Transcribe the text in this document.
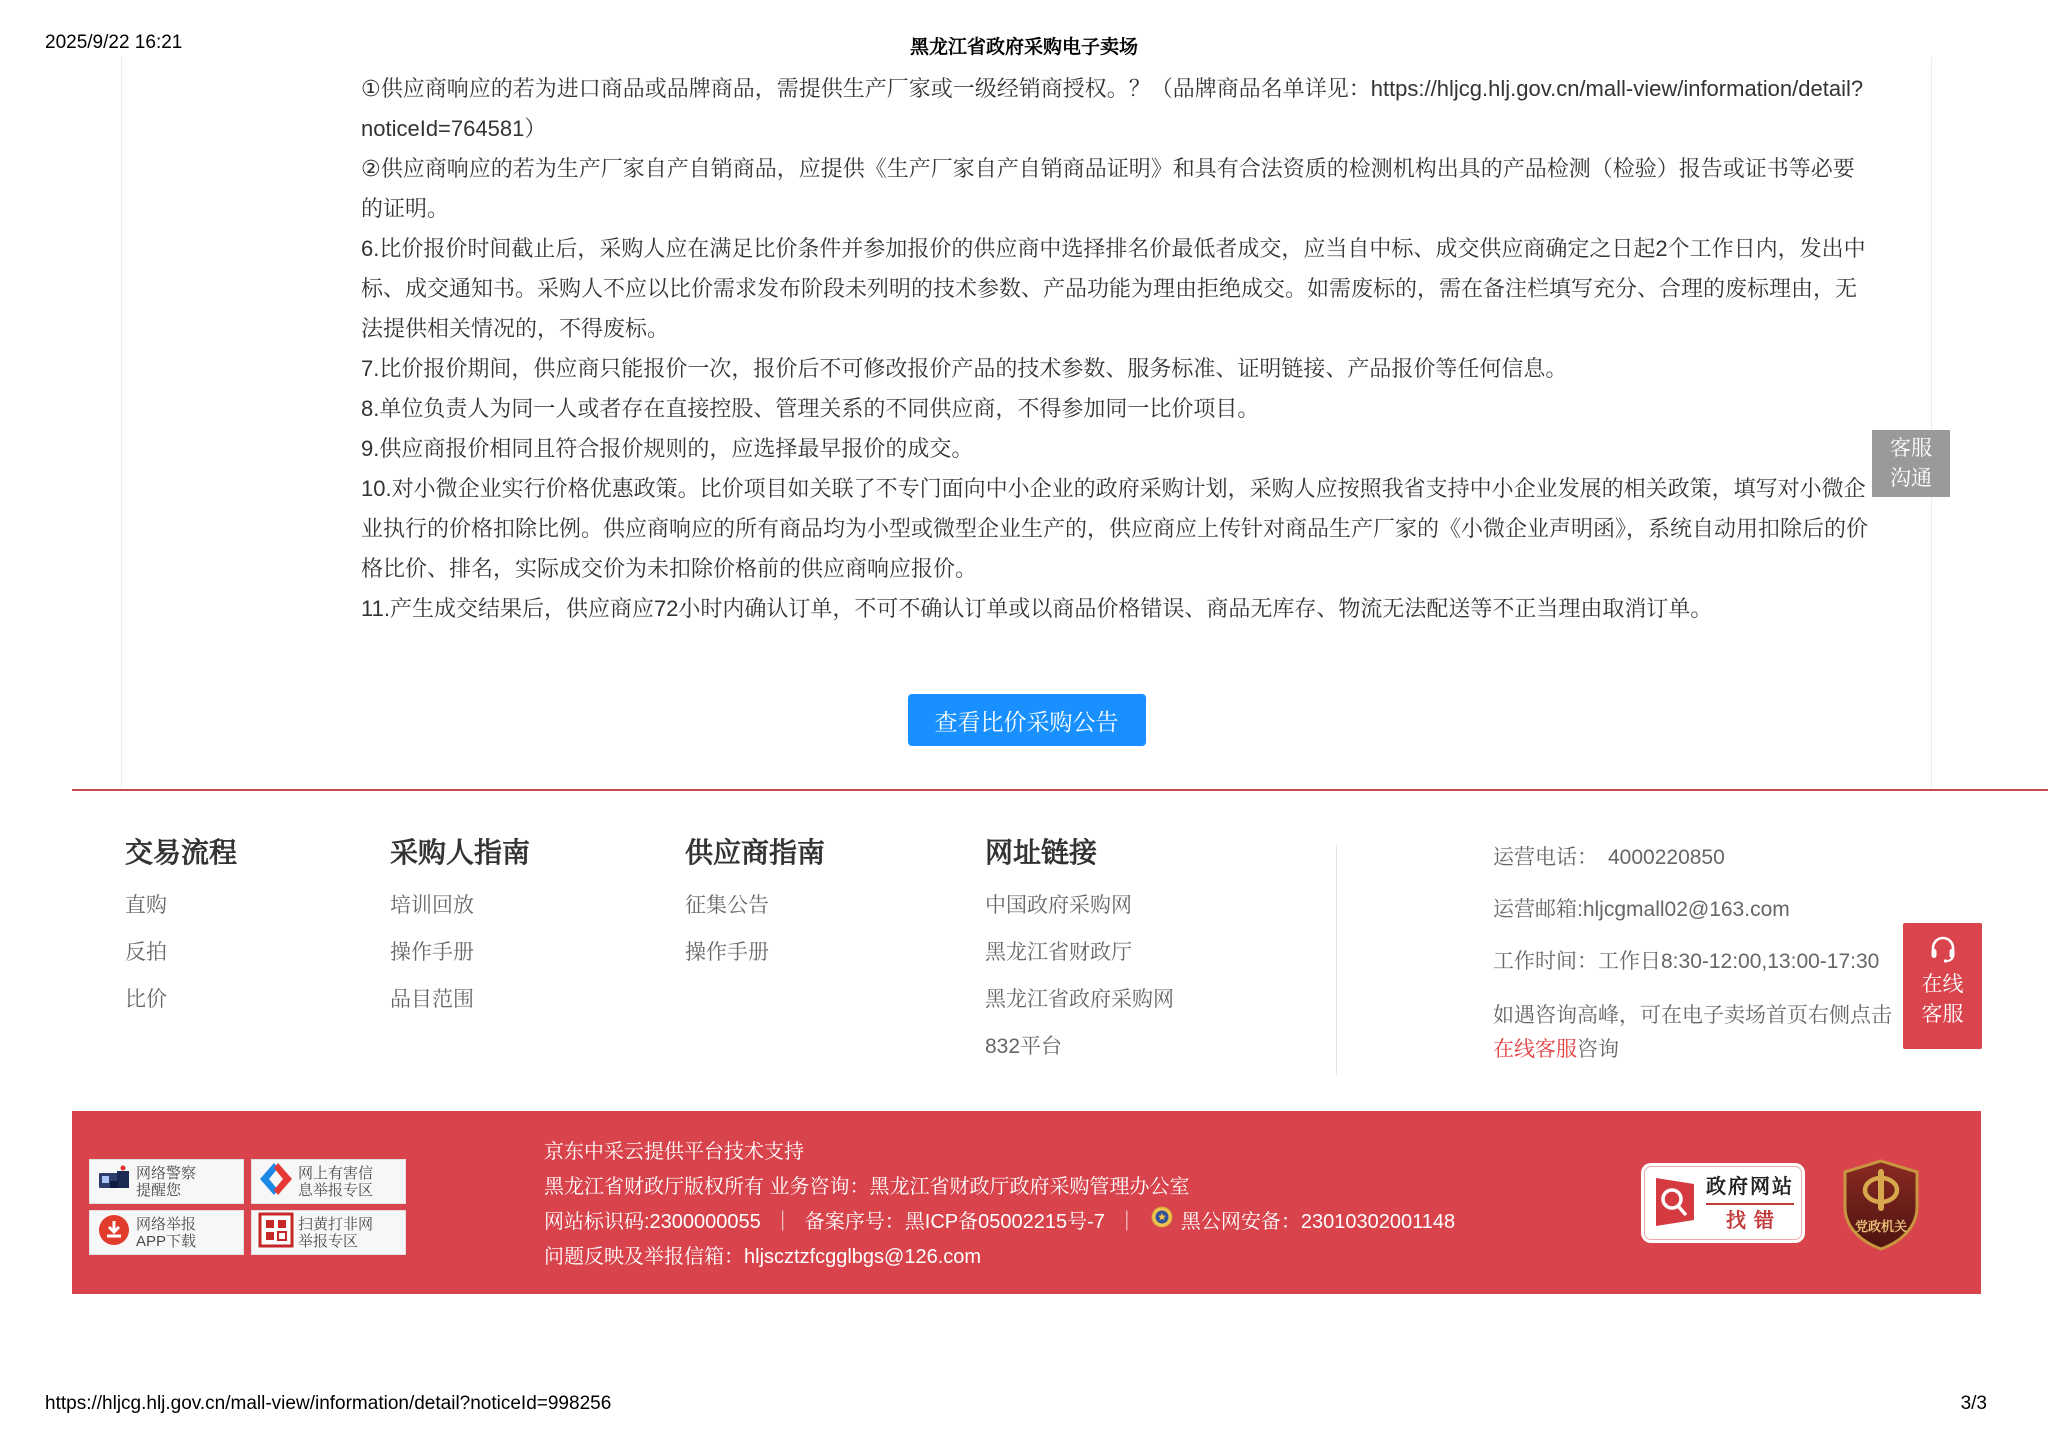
2025/9/22 16:21	黑龙江省政府采购电子卖场

①供应商响应的若为进口商品或品牌商品，需提供生产厂家或一级经销商授权。？（品牌商品名单详见：https://hljcg.hlj.gov.cn/mall-view/information/detail?noticeId=764581）

②供应商响应的若为生产厂家自产自销商品，应提供《生产厂家自产自销商品证明》和具有合法资质的检测机构出具的产品检测（检验）报告或证书等必要的证明。

6.比价报价时间截止后，采购人应在满足比价条件并参加报价的供应商中选择排名价最低者成交，应当自中标、成交供应商确定之日起2个工作日内，发出中标、成交通知书。采购人不应以比价需求发布阶段未列明的技术参数、产品功能为理由拒绝成交。如需废标的，需在备注栏填写充分、合理的废标理由，无法提供相关情况的，不得废标。

7.比价报价期间，供应商只能报价一次，报价后不可修改报价产品的技术参数、服务标准、证明链接、产品报价等任何信息。

8.单位负责人为同一人或者存在直接控股、管理关系的不同供应商，不得参加同一比价项目。

9.供应商报价相同且符合报价规则的，应选择最早报价的成交。

10.对小微企业实行价格优惠政策。比价项目如关联了不专门面向中小企业的政府采购计划，采购人应按照我省支持中小企业发展的相关政策，填写对小微企业执行的价格扣除比例。供应商响应的所有商品均为小型或微型企业生产的，供应商应上传针对商品生产厂家的《小微企业声明函》，系统自动用扣除后的价格比价、排名，实际成交价为未扣除价格前的供应商响应报价。

11.产生成交结果后，供应商应72小时内确认订单，不可不确认订单或以商品价格错误、商品无库存、物流无法配送等不正当理由取消订单。

查看比价采购公告
交易流程
直购
反拍
比价
采购人指南
培训回放
操作手册
品目范围
供应商指南
征集公告
操作手册
网址链接
中国政府采购网
黑龙江省财政厅
黑龙江省政府采购网
832平台

运营电话： 4000220850

运营邮箱:hljcgmall02@163.com

工作时间：工作日8:30-12:00,13:00-17:30

如遇咨询高峰，可在电子卖场首页右侧点击
在线客服咨询

客服
沟通
在线
客服
网络警察
提醒您
网上有害信
息举报专区
网络举报
APP下载
扫黄打非网
举报专区
京东中采云提供平台技术支持
黑龙江省财政厅版权所有 业务咨询：黑龙江省财政厅政府采购管理办公室
网站标识码:2300000055 ｜ 备案序号：黑ICP备05002215号-7 ｜ 黑公网安备：23010302001148
问题反映及举报信箱：hljscztzfcgglbgs@126.com
政府网站
找错	党政机关
https://hljcg.hlj.gov.cn/mall-view/information/detail?noticeId=998256	3/3
